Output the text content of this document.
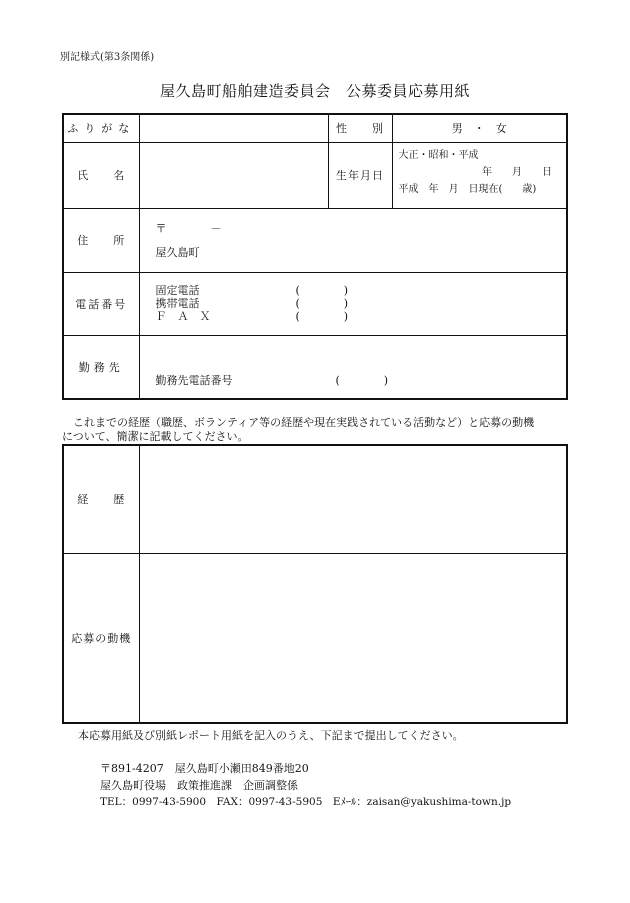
別記様式(第3条関係)
屋久島町船舶建造委員会　公募委員応募用紙
ふりがな		性　　別	男　・　女
氏　　名		生年月日	大正・昭和・平成
年　　月　　日
平成　年　月　日現在(　　歳)

住　　所	〒　　　　－
屋久島町		

電話番号	固定電話 (　　　　)
携帯電話 (　　　　)
Ｆ　Ａ　Ｘ (　　　　)		

勤務先	勤務先電話番号 (　　　　)		
　これまでの経歴（職歴、ボランティア等の経歴や現在実践されている活動など）と応募の動機
について、簡潔に記載してください。
経　　歴	
応募の動機	
本応募用紙及び別紙レポート用紙を記入のうえ、下記まで提出してください。
〒891-4207　屋久島町小瀬田849番地20
屋久島町役場　政策推進課　企画調整係
TEL：0997-43-5900　FAX：0997-43-5905　Eﾒｰﾙ：zaisan@yakushima-town.jp
